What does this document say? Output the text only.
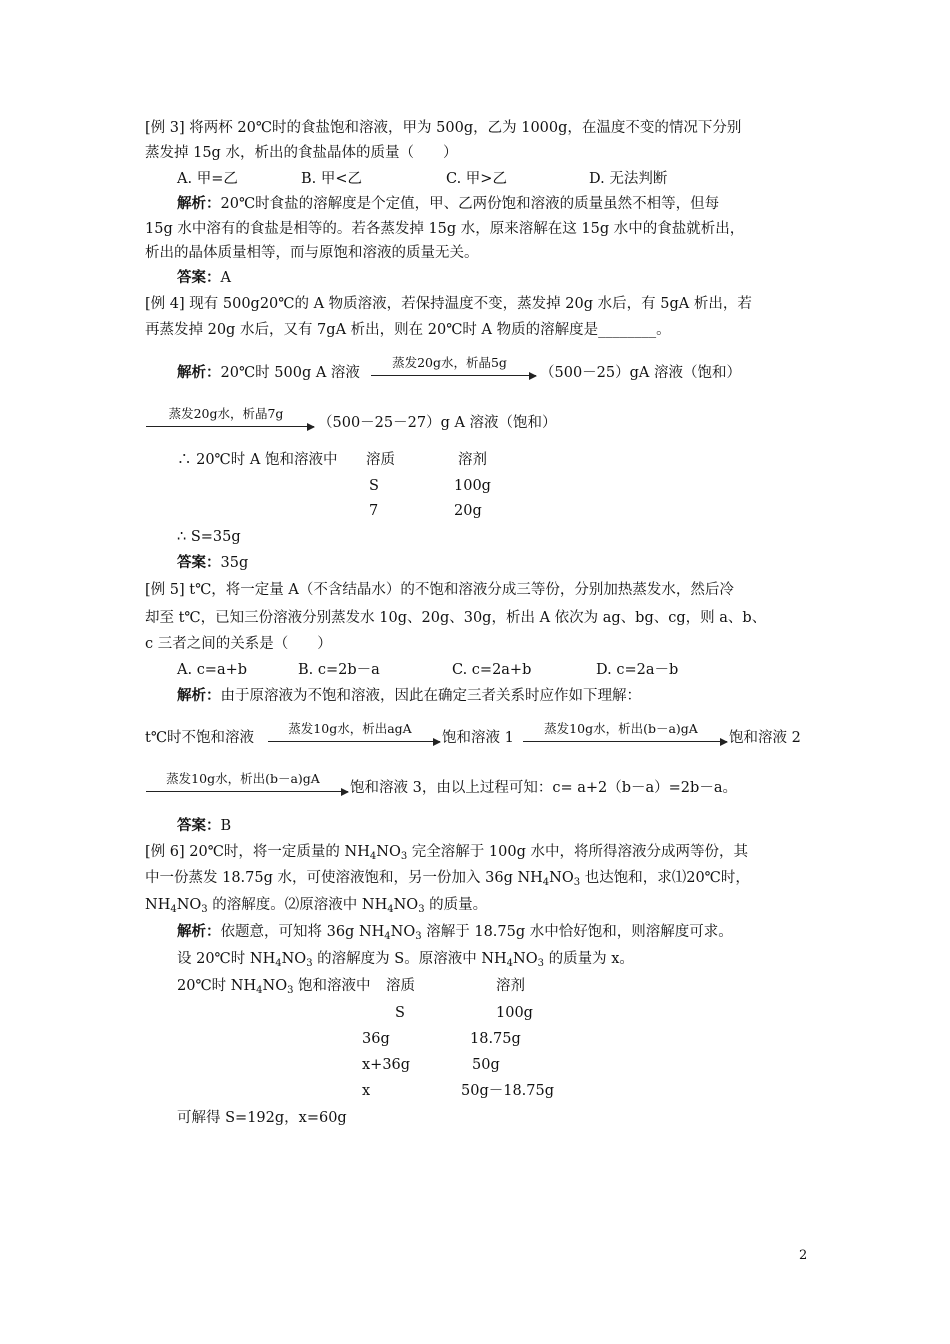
[例 3] 将两杯 20℃时的食盐饱和溶液，甲为 500g，乙为 1000g，在温度不变的情况下分别
蒸发掉 15g 水，析出的食盐晶体的质量（　　）
A. 甲=乙	B. 甲<乙	C. 甲>乙	D. 无法判断
解析：20℃时食盐的溶解度是个定值，甲、乙两份饱和溶液的质量虽然不相等，但每
15g 水中溶有的食盐是相等的。若各蒸发掉 15g 水，原来溶解在这 15g 水中的食盐就析出，
析出的晶体质量相等，而与原饱和溶液的质量无关。
答案：A
[例 4] 现有 500g20℃的 A 物质溶液，若保持温度不变，蒸发掉 20g 水后，有 5gA 析出，若
再蒸发掉 20g 水后，又有 7gA 析出，则在 20℃时 A 物质的溶解度是________。
解析：20℃时 500g A 溶液
蒸发20g水，析晶5g
（500－25）gA 溶液（饱和）
蒸发20g水，析晶7g
（500－25－27）g A 溶液（饱和）
∴ 20℃时 A 饱和溶液中 溶质	溶剂
S	100g
7	20g
∴ S=35g
答案：35g
[例 5] t℃，将一定量 A（不含结晶水）的不饱和溶液分成三等份，分别加热蒸发水，然后冷
却至 t℃，已知三份溶液分别蒸发水 10g、20g、30g，析出 A 依次为 ag、bg、cg，则 a、b、
c 三者之间的关系是（　　）
A. c=a+b	B. c=2b－a	C. c=2a+b	D. c=2a－b
解析：由于原溶液为不饱和溶液，因此在确定三者关系时应作如下理解：
t℃时不饱和溶液
蒸发10g水，析出agA
饱和溶液 1
蒸发10g水，析出(b－a)gA
饱和溶液 2
蒸发10g水，析出(b－a)gA
饱和溶液 3，由以上过程可知：c= a+2（b－a）=2b－a。
答案：B
[例 6] 20℃时，将一定质量的 $NH_4NO_3$ 完全溶解于 100g 水中，将所得溶液分成两等份，其
中一份蒸发 18.75g 水，可使溶液饱和，另一份加入 36g $NH_4NO_3$ 也达饱和，求⑴20℃时，
$NH_4NO_3$ 的溶解度。⑵原溶液中 $NH_4NO_3$ 的质量。
解析：依题意，可知将 36g $NH_4NO_3$ 溶解于 18.75g 水中恰好饱和，则溶解度可求。
设 20℃时 $NH_4NO_3$ 的溶解度为 S。原溶液中 $NH_4NO_3$ 的质量为 x。
20℃时 $NH_4NO_3$ 饱和溶液中 溶质	溶剂
S	100g
36g	18.75g
x+36g	50g
x	50g－18.75g
可解得 S=192g，x=60g
2
